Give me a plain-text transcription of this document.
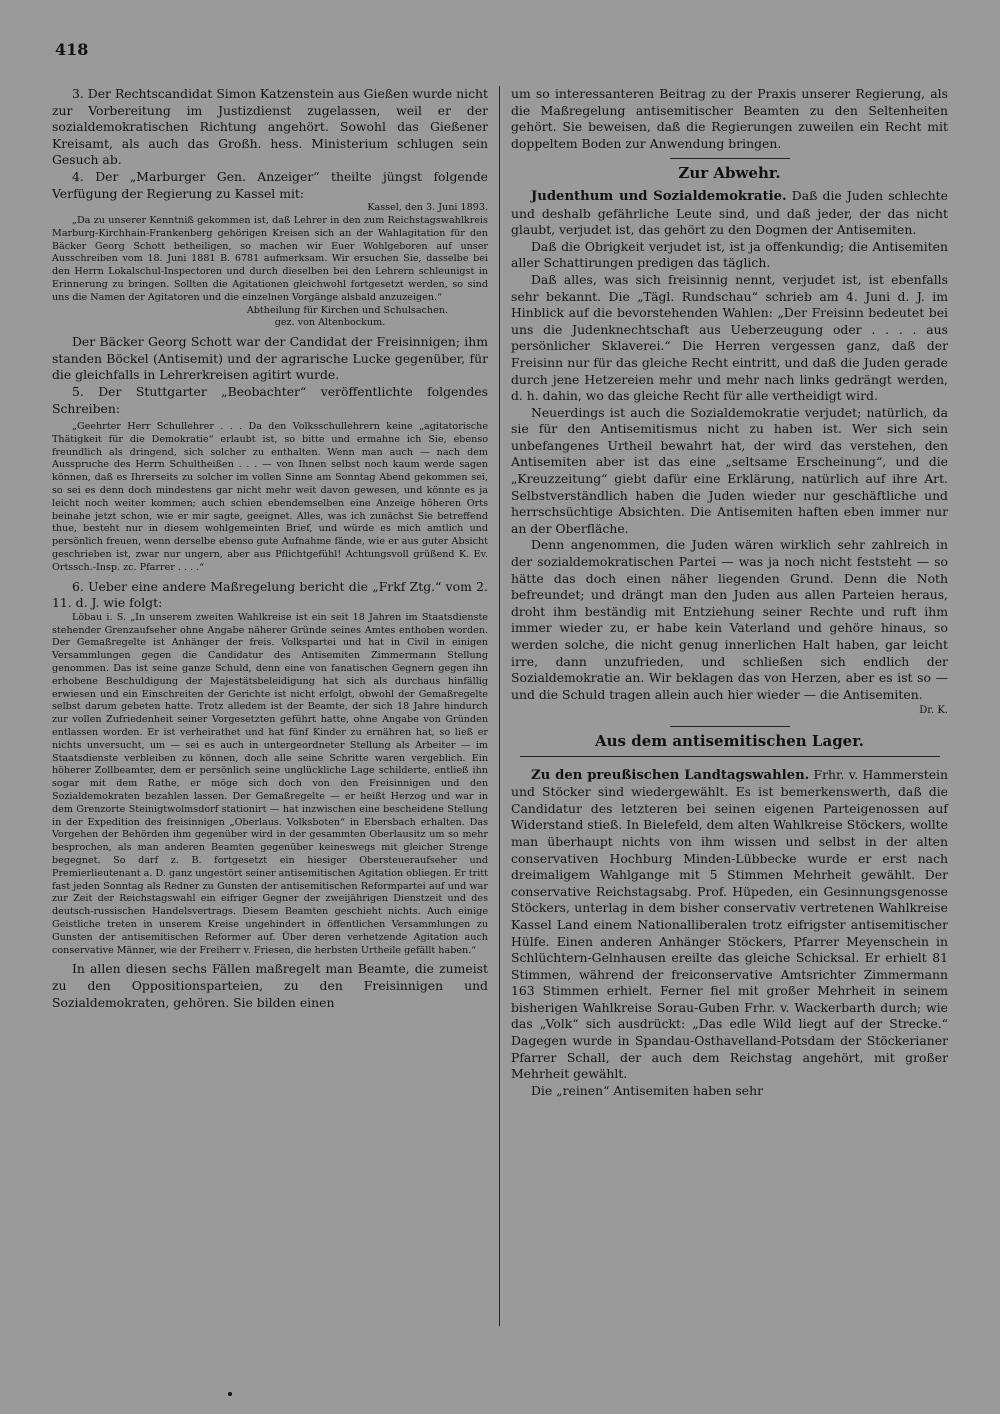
418

3. Der Rechtscandidat Simon Katzenstein aus Gießen wurde nicht zur Vorbereitung im Justizdienst zugelassen, weil er der sozialdemokratischen Richtung angehört. Sowohl das Gießener Kreisamt, als auch das Großh. hess. Ministerium schlugen sein Gesuch ab.

4. Der „Marburger Gen. Anzeiger“ theilte jüngst folgende Verfügung der Regierung zu Kassel mit:

Kassel, den 3. Juni 1893.

„Da zu unserer Kenntniß gekommen ist, daß Lehrer in den zum Reichstagswahlkreis Marburg-Kirchhain-Frankenberg gehörigen Kreisen sich an der Wahlagitation für den Bäcker Georg Schott betheiligen, so machen wir Euer Wohlgeboren auf unser Ausschreiben vom 18. Juni 1881 B. 6781 aufmerksam. Wir ersuchen Sie, dasselbe bei den Herrn Lokalschul-Inspectoren und durch dieselben bei den Lehrern schleunigst in Erinnerung zu bringen. Sollten die Agitationen gleichwohl fortgesetzt werden, so sind uns die Namen der Agitatoren und die einzelnen Vorgänge alsbald anzuzeigen.“

Abtheilung für Kirchen und Schulsachen.

gez. von Altenbockum.

Der Bäcker Georg Schott war der Candidat der Freisinnigen; ihm standen Böckel (Antisemit) und der agrarische Lucke gegenüber, für die gleichfalls in Lehrerkreisen agitirt wurde.

5. Der Stuttgarter „Beobachter“ veröffentlichte folgendes Schreiben:

„Geehrter Herr Schullehrer . . . Da den Volksschullehrern keine „agitatorische Thätigkeit für die Demokratie“ erlaubt ist, so bitte und ermahne ich Sie, ebenso freundlich als dringend, sich solcher zu enthalten. Wenn man auch — nach dem Ausspruche des Herrn Schultheißen . . . — von Ihnen selbst noch kaum werde sagen können, daß es Ihrerseits zu solcher im vollen Sinne am Sonntag Abend gekommen sei, so sei es denn doch mindestens gar nicht mehr weit davon gewesen, und könnte es ja leicht noch weiter kommen; auch schien ebendemselben eine Anzeige höheren Orts beinahe jetzt schon, wie er mir sagte, geeignet. Alles, was ich zunächst Sie betreffend thue, besteht nur in diesem wohlgemeinten Brief, und würde es mich amtlich und persönlich freuen, wenn derselbe ebenso gute Aufnahme fände, wie er aus guter Absicht geschrieben ist, zwar nur ungern, aber aus Pflichtgefühl! Achtungsvoll grüßend K. Ev. Ortssch.-Insp. zc. Pfarrer . . . .“

6. Ueber eine andere Maßregelung bericht die „Frkf Ztg.“ vom 2. 11. d. J. wie folgt:

Löbau i. S. „In unserem zweiten Wahlkreise ist ein seit 18 Jahren im Staatsdienste stehender Grenzaufseher ohne Angabe näherer Gründe seines Amtes enthoben worden. Der Gemaßregelte ist Anhänger der freis. Volkspartei und hat in Civil in einigen Versammlungen gegen die Candidatur des Antisemiten Zimmermann Stellung genommen. Das ist seine ganze Schuld, denn eine von fanatischen Gegnern gegen ihn erhobene Beschuldigung der Majestätsbeleidigung hat sich als durchaus hinfällig erwiesen und ein Einschreiten der Gerichte ist nicht erfolgt, obwohl der Gemaßregelte selbst darum gebeten hatte. Trotz alledem ist der Beamte, der sich 18 Jahre hindurch zur vollen Zufriedenheit seiner Vorgesetzten geführt hatte, ohne Angabe von Gründen entlassen worden. Er ist verheirathet und hat fünf Kinder zu ernähren hat, so ließ er nichts unversucht, um — sei es auch in untergeordneter Stellung als Arbeiter — im Staatsdienste verbleiben zu können, doch alle seine Schritte waren vergeblich. Ein höherer Zollbeamter, dem er persönlich seine unglückliche Lage schilderte, entließ ihn sogar mit dem Rathe, er möge sich doch von den Freisinnigen und den Sozialdemokraten bezahlen lassen. Der Gemaßregelte — er heißt Herzog und war in dem Grenzorte Steinigtwolmsdorf stationirt — hat inzwischen eine bescheidene Stellung in der Expedition des freisinnigen „Oberlaus. Volksboten“ in Ebersbach erhalten. Das Vorgehen der Behörden ihm gegenüber wird in der gesammten Oberlausitz um so mehr besprochen, als man anderen Beamten gegenüber keineswegs mit gleicher Strenge begegnet. So darf z. B. fortgesetzt ein hiesiger Obersteueraufseher und Premierlieutenant a. D. ganz ungestört seiner antisemitischen Agitation obliegen. Er tritt fast jeden Sonntag als Redner zu Gunsten der antisemitischen Reformpartei auf und war zur Zeit der Reichstagswahl ein eifriger Gegner der zweijährigen Dienstzeit und des deutsch-russischen Handelsvertrags. Diesem Beamten geschieht nichts. Auch einige Geistliche treten in unserem Kreise ungehindert in öffentlichen Versammlungen zu Gunsten der antisemitischen Reformer auf. Über deren verhetzende Agitation auch conservative Männer, wie der Freiherr v. Friesen, die herbsten Urtheile gefällt haben.“

In allen diesen sechs Fällen maßregelt man Beamte, die zumeist zu den Oppositionsparteien, zu den Freisinnigen und Sozialdemokraten, gehören. Sie bilden einen

um so interessanteren Beitrag zu der Praxis unserer Regierung, als die Maßregelung antisemitischer Beamten zu den Seltenheiten gehört. Sie beweisen, daß die Regierungen zuweilen ein Recht mit doppeltem Boden zur Anwendung bringen.

Zur Abwehr.

Judenthum und Sozialdemokratie. Daß die Juden schlechte und deshalb gefährliche Leute sind, und daß jeder, der das nicht glaubt, verjudet ist, das gehört zu den Dogmen der Antisemiten.

Daß die Obrigkeit verjudet ist, ist ja offenkundig; die Antisemiten aller Schattirungen predigen das täglich.

Daß alles, was sich freisinnig nennt, verjudet ist, ist ebenfalls sehr bekannt. Die „Tägl. Rundschau“ schrieb am 4. Juni d. J. im Hinblick auf die bevorstehenden Wahlen: „Der Freisinn bedeutet bei uns die Judenknechtschaft aus Ueberzeugung oder . . . . aus persönlicher Sklaverei.“ Die Herren vergessen ganz, daß der Freisinn nur für das gleiche Recht eintritt, und daß die Juden gerade durch jene Hetzereien mehr und mehr nach links gedrängt werden, d. h. dahin, wo das gleiche Recht für alle vertheidigt wird.

Neuerdings ist auch die Sozialdemokratie verjudet; natürlich, da sie für den Antisemitismus nicht zu haben ist. Wer sich sein unbefangenes Urtheil bewahrt hat, der wird das verstehen, den Antisemiten aber ist das eine „seltsame Erscheinung“, und die „Kreuzzeitung“ giebt dafür eine Erklärung, natürlich auf ihre Art. Selbstverständlich haben die Juden wieder nur geschäftliche und herrschsüchtige Absichten. Die Antisemiten haften eben immer nur an der Oberfläche.

Denn angenommen, die Juden wären wirklich sehr zahlreich in der sozialdemokratischen Partei — was ja noch nicht feststeht — so hätte das doch einen näher liegenden Grund. Denn die Noth befreundet; und drängt man den Juden aus allen Parteien heraus, droht ihm beständig mit Entziehung seiner Rechte und ruft ihm immer wieder zu, er habe kein Vaterland und gehöre hinaus, so werden solche, die nicht genug innerlichen Halt haben, gar leicht irre, dann unzufrieden, und schließen sich endlich der Sozialdemokratie an. Wir beklagen das von Herzen, aber es ist so — und die Schuld tragen allein auch hier wieder — die Antisemiten.

Dr. K.
Aus dem antisemitischen Lager.

Zu den preußischen Landtagswahlen. Frhr. v. Hammerstein und Stöcker sind wiedergewählt. Es ist bemerkenswerth, daß die Candidatur des letzteren bei seinen eigenen Parteigenossen auf Widerstand stieß. In Bielefeld, dem alten Wahlkreise Stöckers, wollte man überhaupt nichts von ihm wissen und selbst in der alten conservativen Hochburg Minden-Lübbecke wurde er erst nach dreimaligem Wahlgange mit 5 Stimmen Mehrheit gewählt. Der conservative Reichstagsabg. Prof. Hüpeden, ein Gesinnungsgenosse Stöckers, unterlag in dem bisher conservativ vertretenen Wahlkreise Kassel Land einem Nationalliberalen trotz eifrigster antisemitischer Hülfe. Einen anderen Anhänger Stöckers, Pfarrer Meyenschein in Schlüchtern-Gelnhausen ereilte das gleiche Schicksal. Er erhielt 81 Stimmen, während der freiconservative Amtsrichter Zimmermann 163 Stimmen erhielt. Ferner fiel mit großer Mehrheit in seinem bisherigen Wahlkreise Sorau-Guben Frhr. v. Wackerbarth durch; wie das „Volk“ sich ausdrückt: „Das edle Wild liegt auf der Strecke.“ Dagegen wurde in Spandau-Osthavelland-Potsdam der Stöckerianer Pfarrer Schall, der auch dem Reichstag angehört, mit großer Mehrheit gewählt.

Die „reinen“ Antisemiten haben sehr
